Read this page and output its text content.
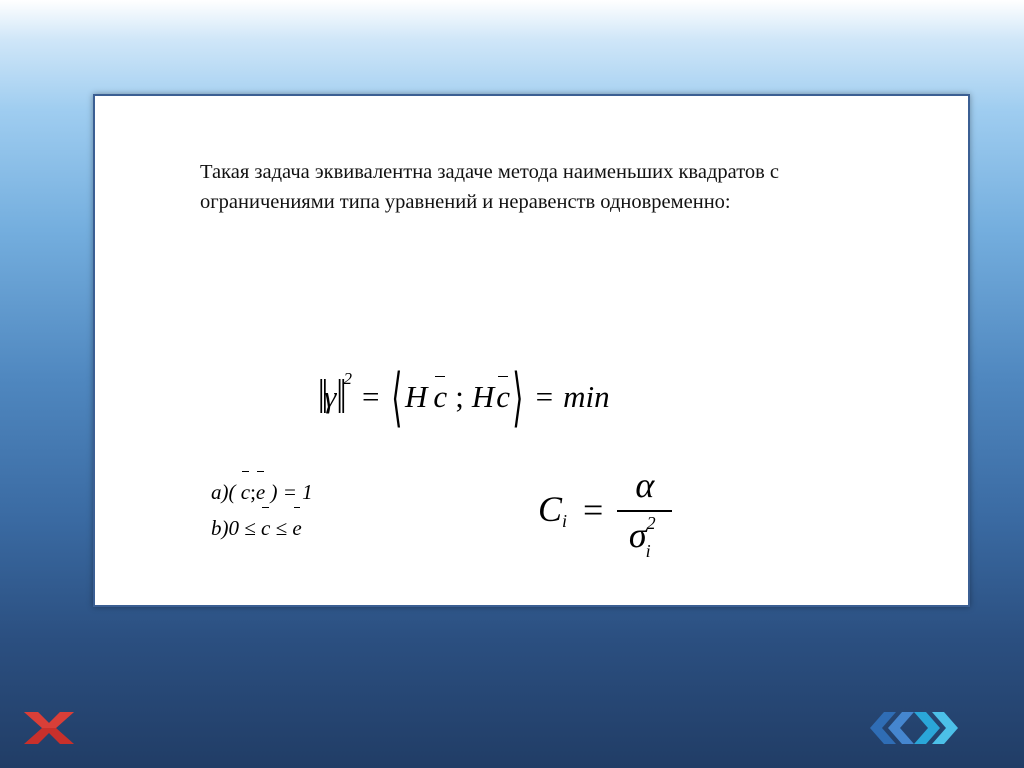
Такая задача эквивалентна задаче метода наименьших квадратов с
ограничениями типа уравнений и неравенств одновременно:

‖ γ ‖ 2
= ⟨ H c ; H c ⟩ = min
a)( c;e ) = 1
b)0 ≤ c ≤ e	$C_i = \frac{\alpha}{\sigma^2_i}$
